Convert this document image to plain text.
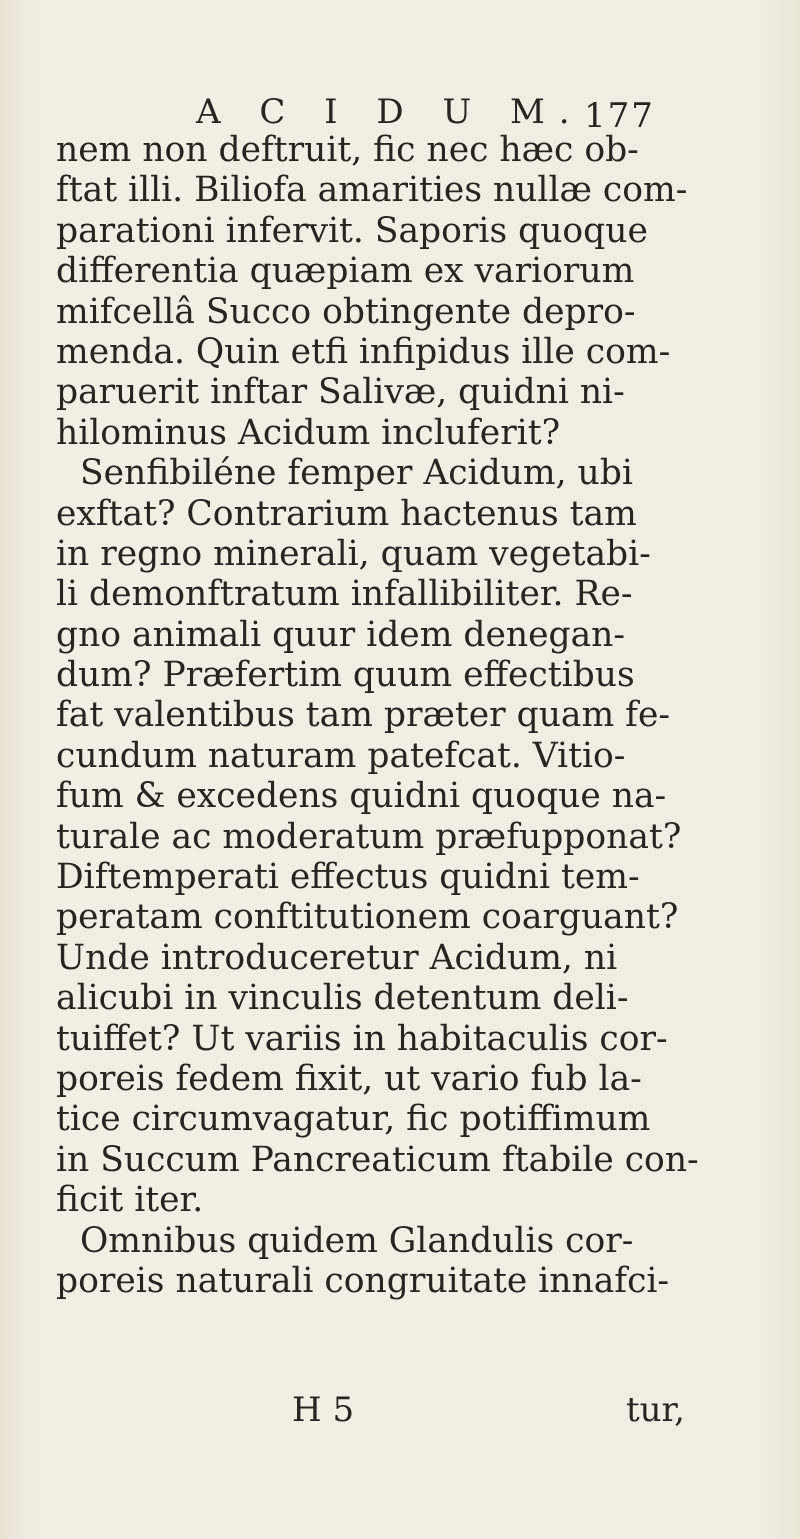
A C I D U M. 177
nem non deftruit, fic nec hæc ob-
ftat illi. Biliofa amarities nullæ com-
parationi infervit. Saporis quoque
differentia quæpiam ex variorum
mifcellâ Succo obtingente depro-
menda. Quin etfi infipidus ille com-
paruerit inftar Salivæ, quidni ni-
hilominus Acidum incluferit?
Senfibiléne femper Acidum, ubi
exftat? Contrarium hactenus tam
in regno minerali, quam vegetabi-
li demonftratum infallibiliter. Re-
gno animali quur idem denegan-
dum? Præfertim quum effectibus
fat valentibus tam præter quam fe-
cundum naturam patefcat. Vitio-
fum & excedens quidni quoque na-
turale ac moderatum præfupponat?
Diftemperati effectus quidni tem-
peratam conftitutionem coarguant?
Unde introduceretur Acidum, ni
alicubi in vinculis detentum deli-
tuiffet? Ut variis in habitaculis cor-
poreis fedem fixit, ut vario fub la-
tice circumvagatur, fic potiffimum
in Succum Pancreaticum ftabile con-
ficit iter.
Omnibus quidem Glandulis cor-
poreis naturali congruitate innafci-
H 5	tur,
